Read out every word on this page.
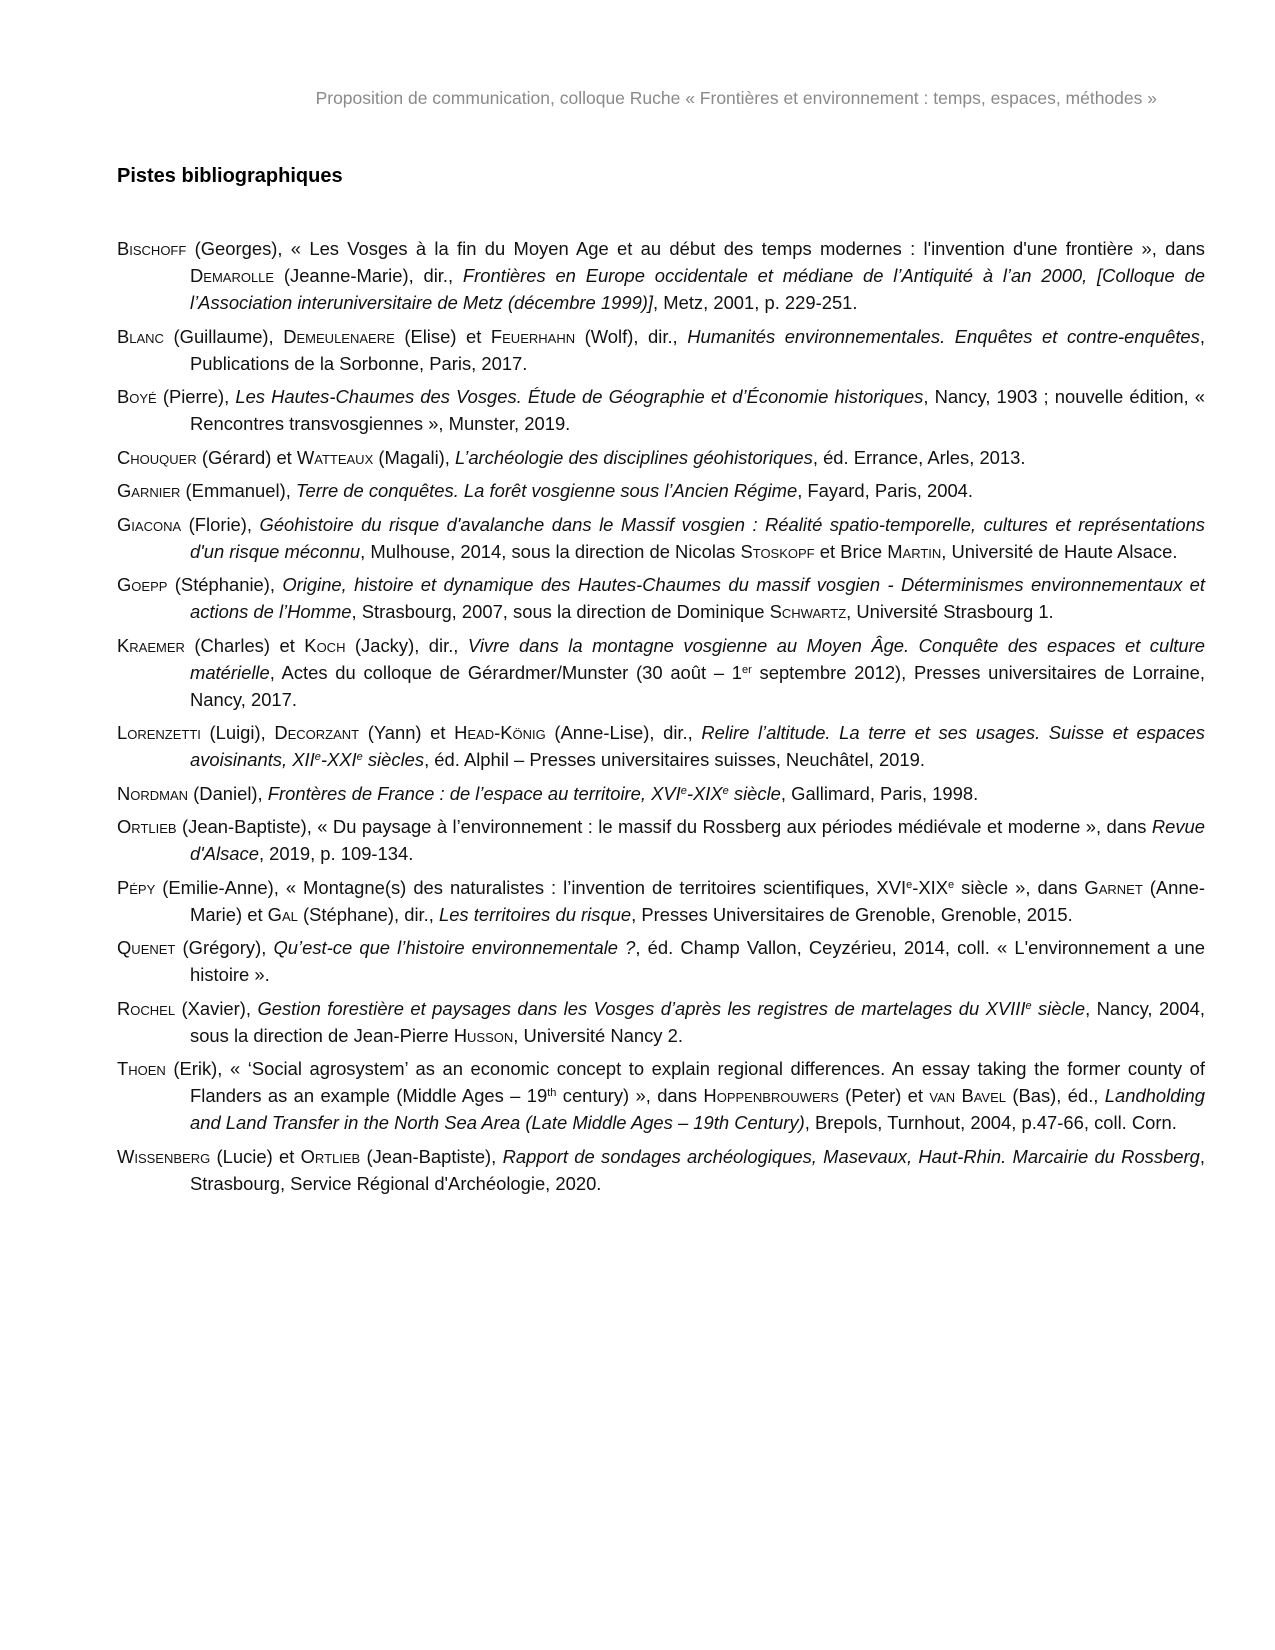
Proposition de communication, colloque Ruche « Frontières et environnement : temps, espaces, méthodes »
Pistes bibliographiques

Bischoff (Georges), « Les Vosges à la fin du Moyen Age et au début des temps modernes : l'invention d'une frontière », dans Demarolle (Jeanne-Marie), dir., Frontières en Europe occidentale et médiane de l’Antiquité à l’an 2000, [Colloque de l’Association interuniversitaire de Metz (décembre 1999)], Metz, 2001, p. 229-251.

Blanc (Guillaume), Demeulenaere (Elise) et Feuerhahn (Wolf), dir., Humanités environnementales. Enquêtes et contre-enquêtes, Publications de la Sorbonne, Paris, 2017.

Boyé (Pierre), Les Hautes-Chaumes des Vosges. Étude de Géographie et d’Économie historiques, Nancy, 1903 ; nouvelle édition, « Rencontres transvosgiennes », Munster, 2019.

Chouquer (Gérard) et Watteaux (Magali), L’archéologie des disciplines géohistoriques, éd. Errance, Arles, 2013.

Garnier (Emmanuel), Terre de conquêtes. La forêt vosgienne sous l’Ancien Régime, Fayard, Paris, 2004.

Giacona (Florie), Géohistoire du risque d'avalanche dans le Massif vosgien : Réalité spatio-temporelle, cultures et représentations d'un risque méconnu, Mulhouse, 2014, sous la direction de Nicolas Stoskopf et Brice Martin, Université de Haute Alsace.

Goepp (Stéphanie), Origine, histoire et dynamique des Hautes-Chaumes du massif vosgien - Déterminismes environnementaux et actions de l’Homme, Strasbourg, 2007, sous la direction de Dominique Schwartz, Université Strasbourg 1.

Kraemer (Charles) et Koch (Jacky), dir., Vivre dans la montagne vosgienne au Moyen Âge. Conquête des espaces et culture matérielle, Actes du colloque de Gérardmer/Munster (30 août – 1er septembre 2012), Presses universitaires de Lorraine, Nancy, 2017.

Lorenzetti (Luigi), Decorzant (Yann) et Head-König (Anne-Lise), dir., Relire l’altitude. La terre et ses usages. Suisse et espaces avoisinants, XIIe-XXIe siècles, éd. Alphil – Presses universitaires suisses, Neuchâtel, 2019.

Nordman (Daniel), Frontères de France : de l’espace au territoire, XVIe-XIXe siècle, Gallimard, Paris, 1998.

Ortlieb (Jean-Baptiste), « Du paysage à l’environnement : le massif du Rossberg aux périodes médiévale et moderne », dans Revue d'Alsace, 2019, p. 109-134.

Pépy (Emilie-Anne), « Montagne(s) des naturalistes : l’invention de territoires scientifiques, XVIe-XIXe siècle », dans Garnet (Anne-Marie) et Gal (Stéphane), dir., Les territoires du risque, Presses Universitaires de Grenoble, Grenoble, 2015.

Quenet (Grégory), Qu’est-ce que l’histoire environnementale ?, éd. Champ Vallon, Ceyzérieu, 2014, coll. « L'environnement a une histoire ».

Rochel (Xavier), Gestion forestière et paysages dans les Vosges d’après les registres de martelages du XVIIIe siècle, Nancy, 2004, sous la direction de Jean-Pierre Husson, Université Nancy 2.

Thoen (Erik), « ‘Social agrosystem’ as an economic concept to explain regional differences. An essay taking the former county of Flanders as an example (Middle Ages – 19th century) », dans Hoppenbrouwers (Peter) et van Bavel (Bas), éd., Landholding and Land Transfer in the North Sea Area (Late Middle Ages – 19th Century), Brepols, Turnhout, 2004, p.47-66, coll. Corn.

Wissenberg (Lucie) et Ortlieb (Jean-Baptiste), Rapport de sondages archéologiques, Masevaux, Haut-Rhin. Marcairie du Rossberg, Strasbourg, Service Régional d'Archéologie, 2020.
